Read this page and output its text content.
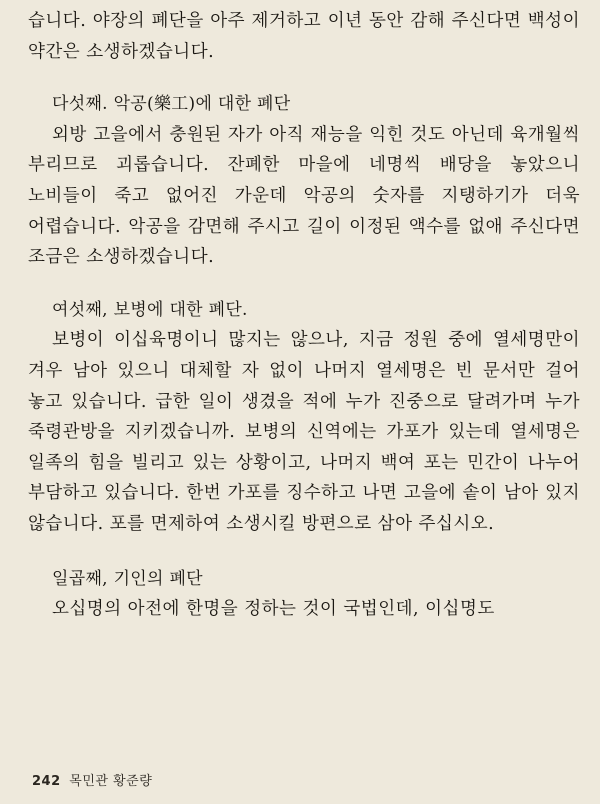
습니다. 야장의 폐단을 아주 제거하고 이년 동안 감해 주신다면 백성이 약간은 소생하겠습니다.

다섯째. 악공(樂工)에 대한 폐단

외방 고을에서 충원된 자가 아직 재능을 익힌 것도 아닌데 육개월씩 부리므로 괴롭습니다. 잔폐한 마을에 네명씩 배당을 놓았으니 노비들이 죽고 없어진 가운데 악공의 숫자를 지탱하기가 더욱 어렵습니다. 악공을 감면해 주시고 길이 이정된 액수를 없애 주신다면 조금은 소생하겠습니다.

여섯째, 보병에 대한 폐단.

보병이 이십육명이니 많지는 않으나, 지금 정원 중에 열세명만이 겨우 남아 있으니 대체할 자 없이 나머지 열세명은 빈 문서만 걸어 놓고 있습니다. 급한 일이 생겼을 적에 누가 진중으로 달려가며 누가 죽령관방을 지키겠습니까. 보병의 신역에는 가포가 있는데 열세명은 일족의 힘을 빌리고 있는 상황이고, 나머지 백여 포는 민간이 나누어 부담하고 있습니다. 한번 가포를 징수하고 나면 고을에 솥이 남아 있지 않습니다. 포를 면제하여 소생시킬 방편으로 삼아 주십시오.

일곱째, 기인의 폐단

오십명의 아전에 한명을 정하는 것이 국법인데, 이십명도

242 목민관 황준량
